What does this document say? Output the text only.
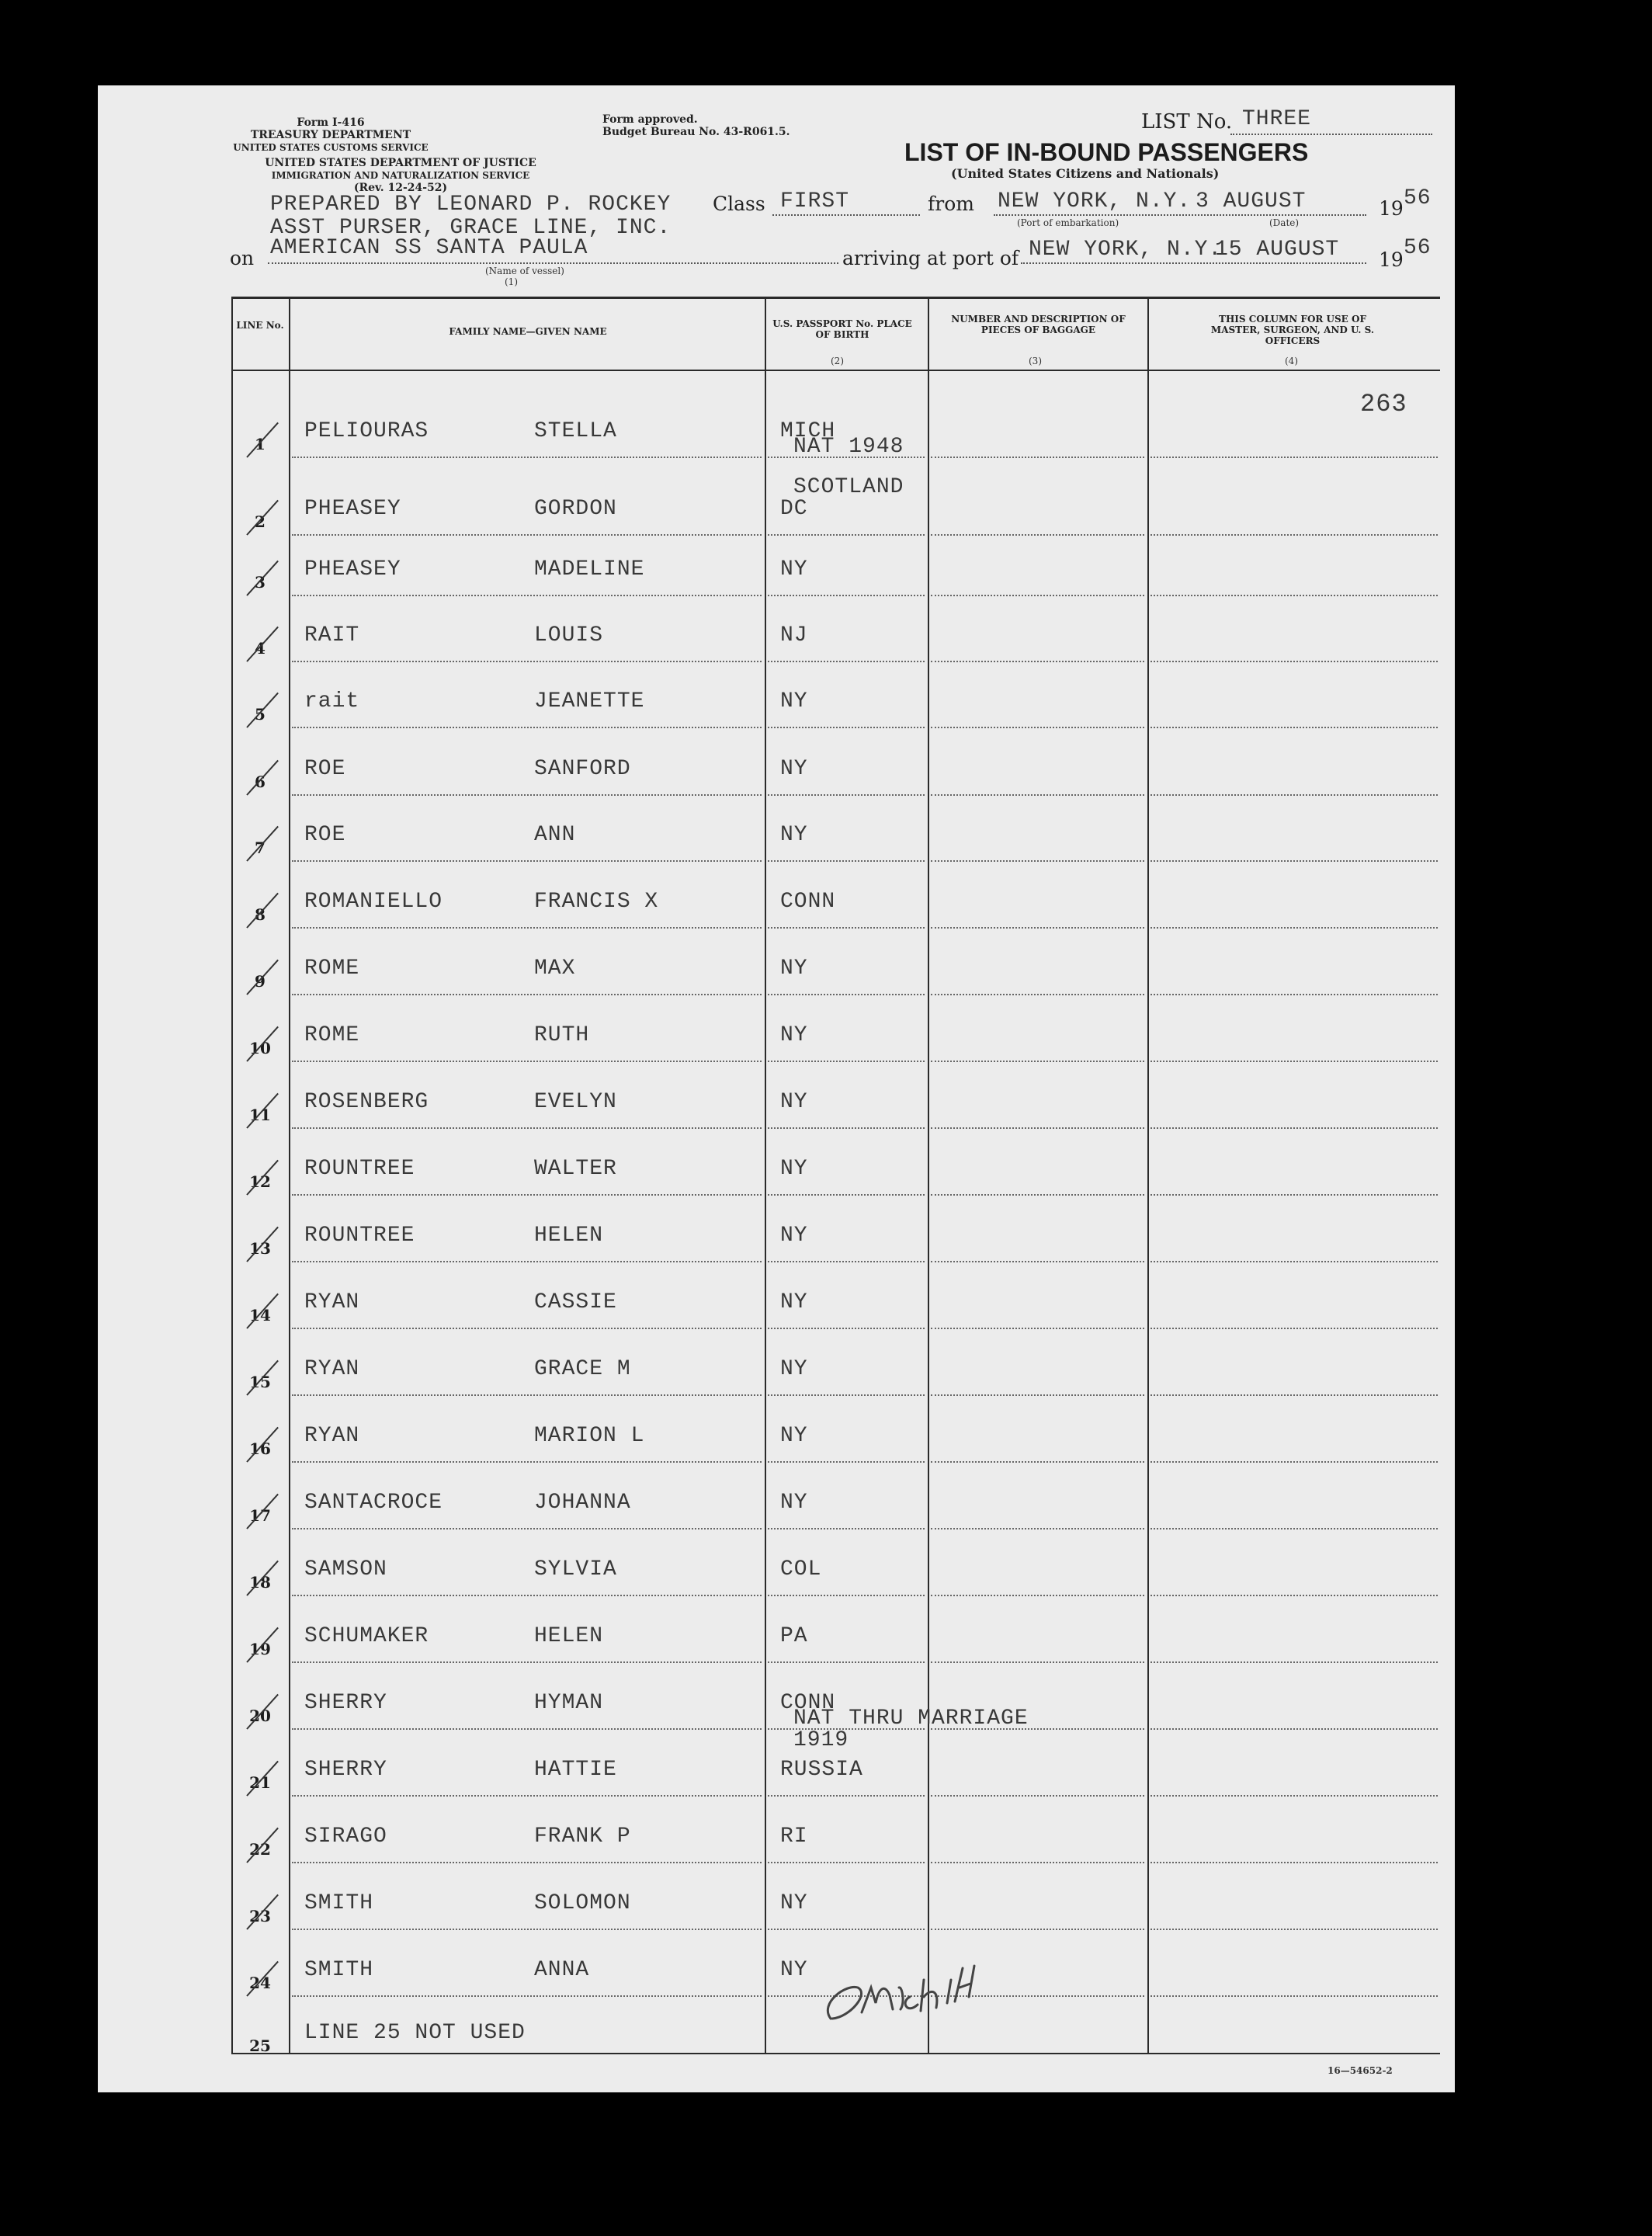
Form I-416
TREASURY DEPARTMENT
UNITED STATES CUSTOMS SERVICE
Form approved.
Budget Bureau No. 43-R061.5.
UNITED STATES DEPARTMENT OF JUSTICE
IMMIGRATION AND NATURALIZATION SERVICE
(Rev. 12-24-52)
LIST No. THREE
LIST OF IN-BOUND PASSENGERS
(United States Citizens and Nationals)
PREPARED BY LEONARD P. ROCKEY
ASST PURSER, GRACE LINE, INC.
Class FIRST	from NEW YORK, N.Y. 3 AUGUST	19 56
(Port of embarkation)	(Date)
on AMERICAN SS SANTA PAULA
(Name of vessel)
(1)
arriving at port of NEW YORK, N.Y.
15 AUGUST 19 56
LINE No.
FAMILY NAME—GIVEN NAME
U.S. PASSPORT No. PLACE OF BIRTH
NUMBER AND DESCRIPTION OF PIECES OF BAGGAGE
THIS COLUMN FOR USE OF MASTER, SURGEON, AND U. S. OFFICERS
(2)	(3)	(4)
263
1
PELIOURAS	STELLA	MICH
NAT 1948
2
PHEASEY	GORDON	DC
SCOTLAND
3
PHEASEY	MADELINE	NY
4
RAIT	LOUIS	NJ
5
rait	JEANETTE	NY
6
ROE	SANFORD	NY
7
ROE	ANN	NY
8
ROMANIELLO	FRANCIS X	CONN
9
ROME	MAX	NY
10
ROME	RUTH	NY
11
ROSENBERG	EVELYN	NY
12
ROUNTREE	WALTER	NY
13
ROUNTREE	HELEN	NY
14
RYAN	CASSIE	NY
15
RYAN	GRACE M	NY
16
RYAN	MARION L	NY
17
SANTACROCE	JOHANNA	NY
18
SAMSON	SYLVIA	COL
19
SCHUMAKER	HELEN	PA
20
SHERRY	HYMAN	CONN
NAT THRU MARRIAGE
1919
21
SHERRY	HATTIE	RUSSIA
22
SIRAGO	FRANK P	RI
23
SMITH	SOLOMON	NY
24
SMITH	ANNA	NY
25
LINE 25 NOT USED
D Rich RAM
16—54652-2
